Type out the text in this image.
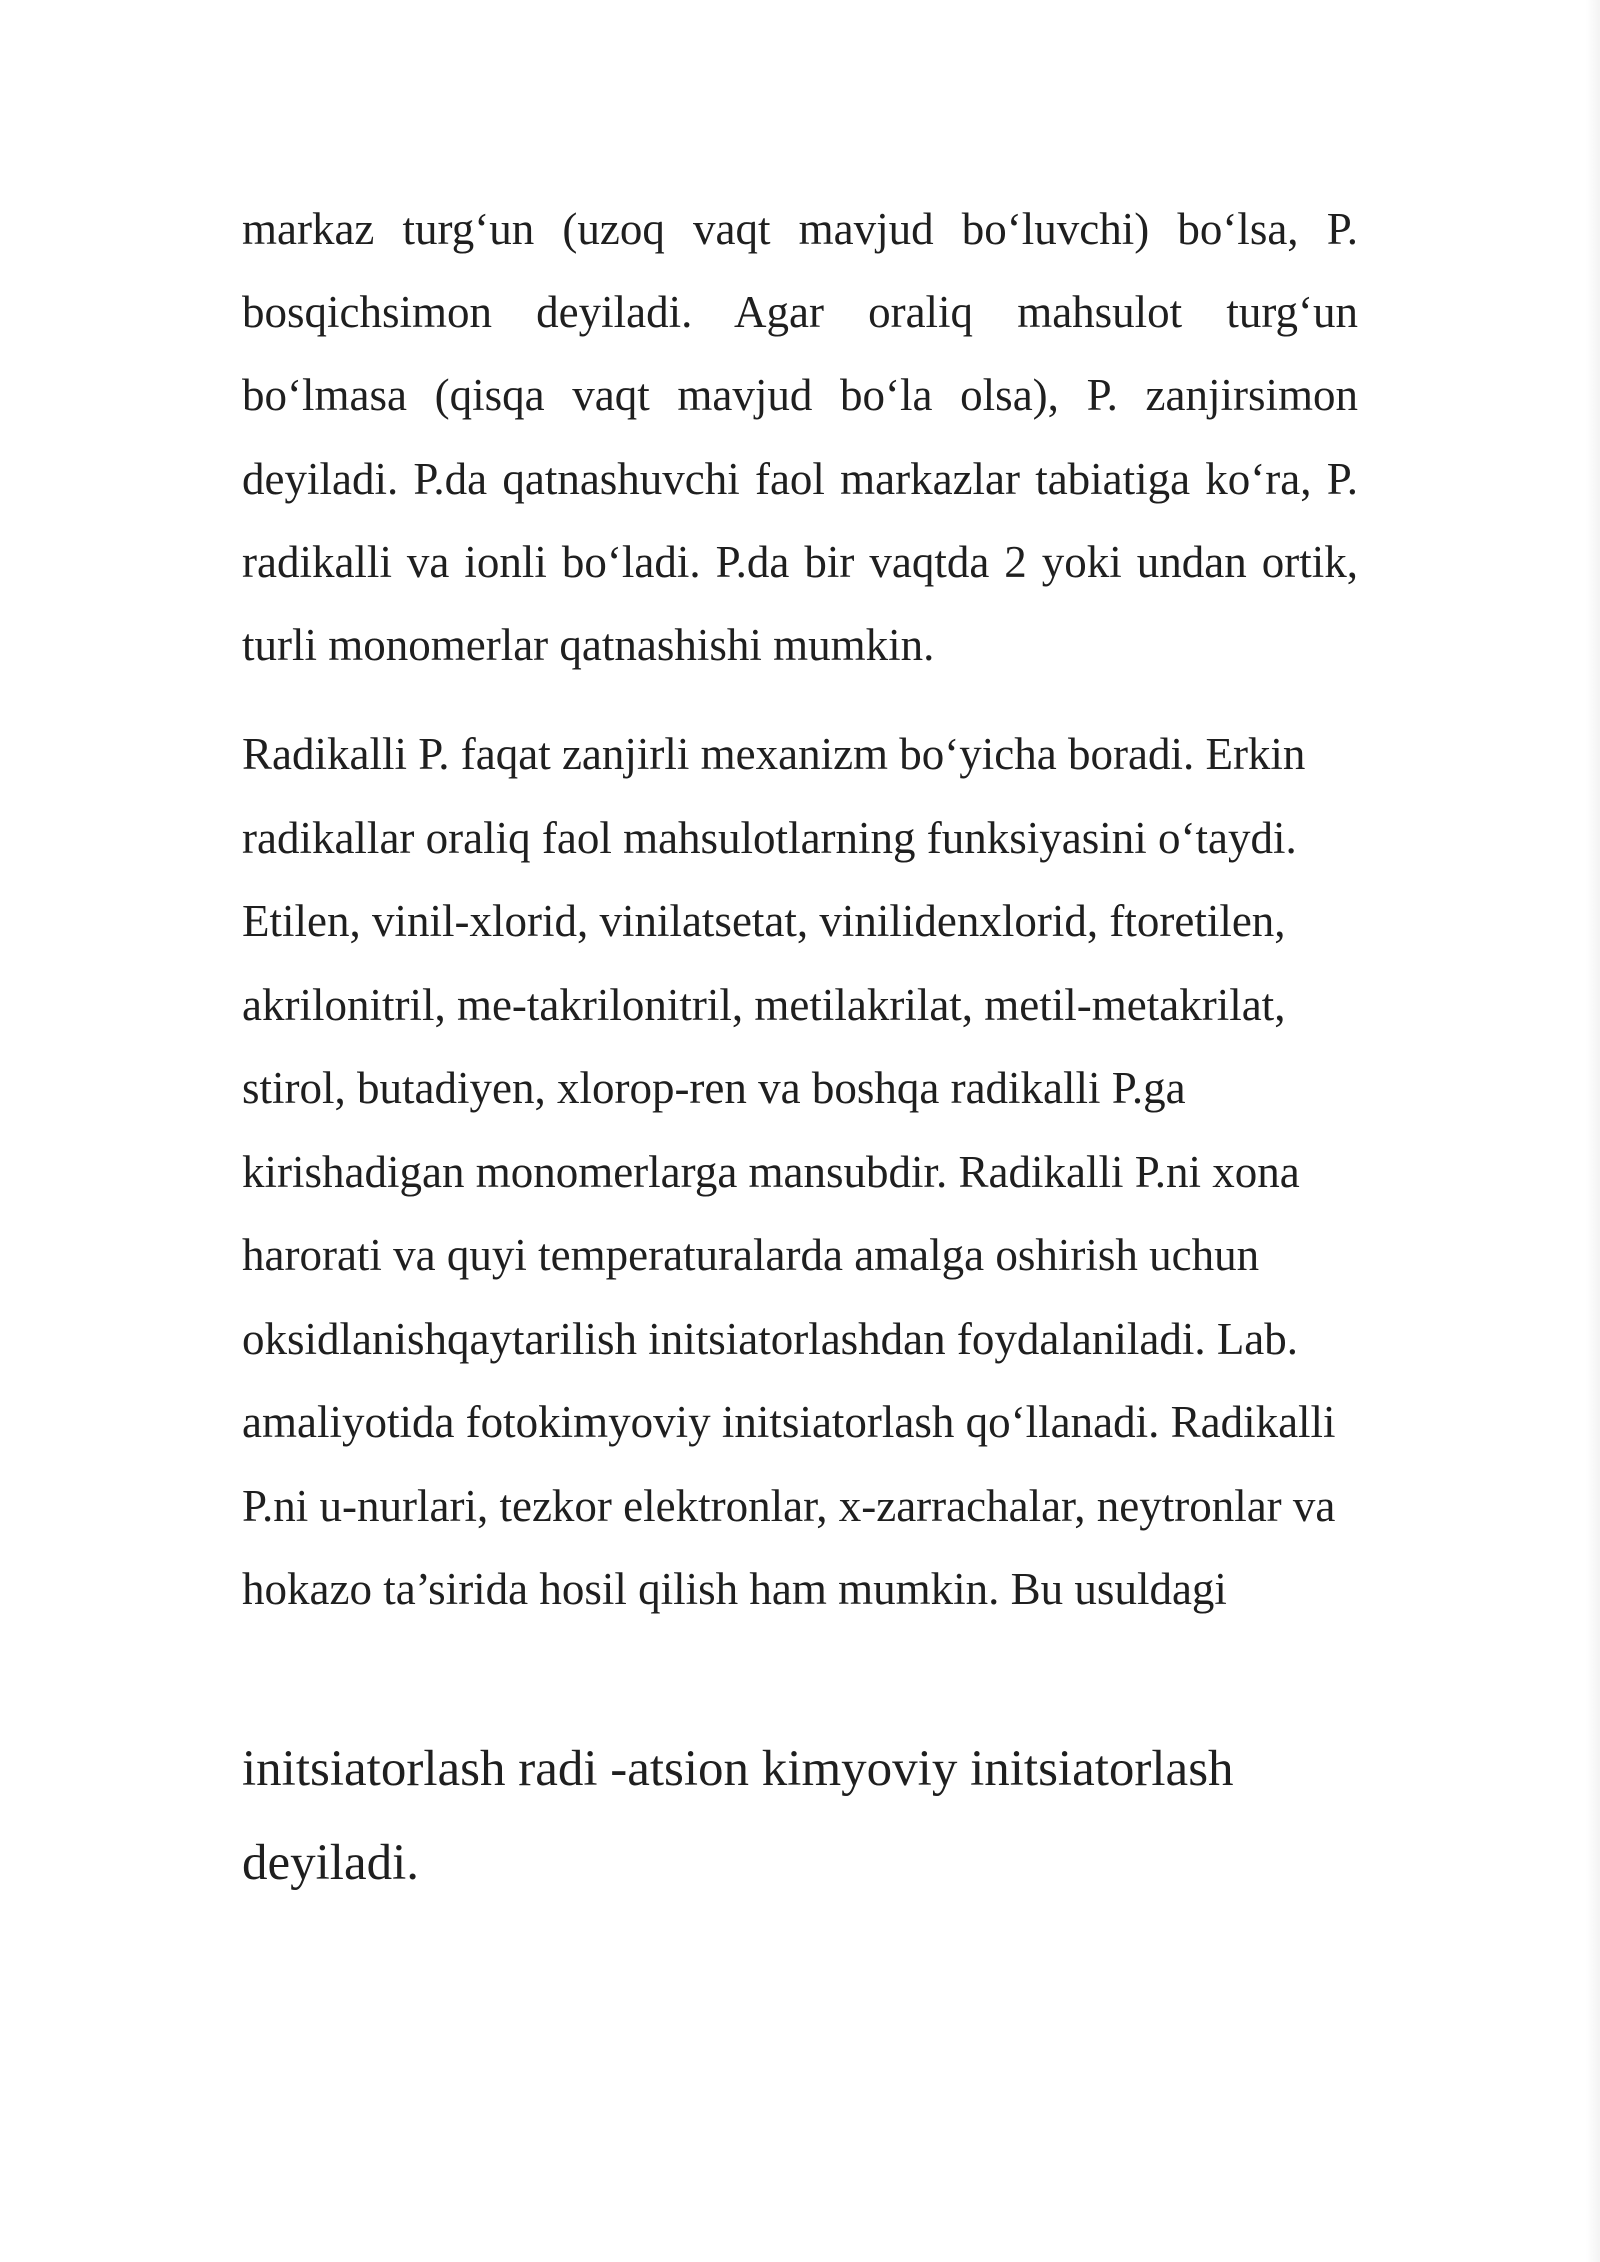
markaz turg‘un (uzoq vaqt mavjud bo‘luvchi) bo‘lsa, P. bosqichsimon deyiladi. Agar oraliq mahsulot turg‘un bo‘lmasa (qisqa vaqt mavjud bo‘la olsa), P. zanjirsimon deyiladi. P.da qatnashuvchi faol markazlar tabiatiga ko‘ra, P. radikalli va ionli bo‘ladi. P.da bir vaqtda 2 yoki undan ortik, turli monomerlar qatnashishi mumkin.

Radikalli P. faqat zanjirli mexanizm bo‘yicha boradi. Erkin radikallar oraliq faol mahsulotlarning funksiyasini o‘taydi. Etilen, vinil-xlorid, vinilatsetat, vinilidenxlorid, ftoretilen, akrilonitril, me-takrilonitril, metilakrilat, metil-metakrilat, stirol, butadiyen, xlorop-ren va boshqa radikalli P.ga kirishadigan monomerlarga mansubdir. Radikalli P.ni xona harorati va quyi temperaturalarda amalga oshirish uchun oksidlanishqaytarilish initsiatorlashdan foydalaniladi. Lab. amaliyotida fotokimyoviy initsiatorlash qo‘llanadi. Radikalli P.ni u-nurlari, tezkor elektronlar, x-zarrachalar, neytronlar va hokazo ta’sirida hosil qilish ham mumkin. Bu usuldagi

initsiatorlash radi -atsion kimyoviy initsiatorlash deyiladi.
